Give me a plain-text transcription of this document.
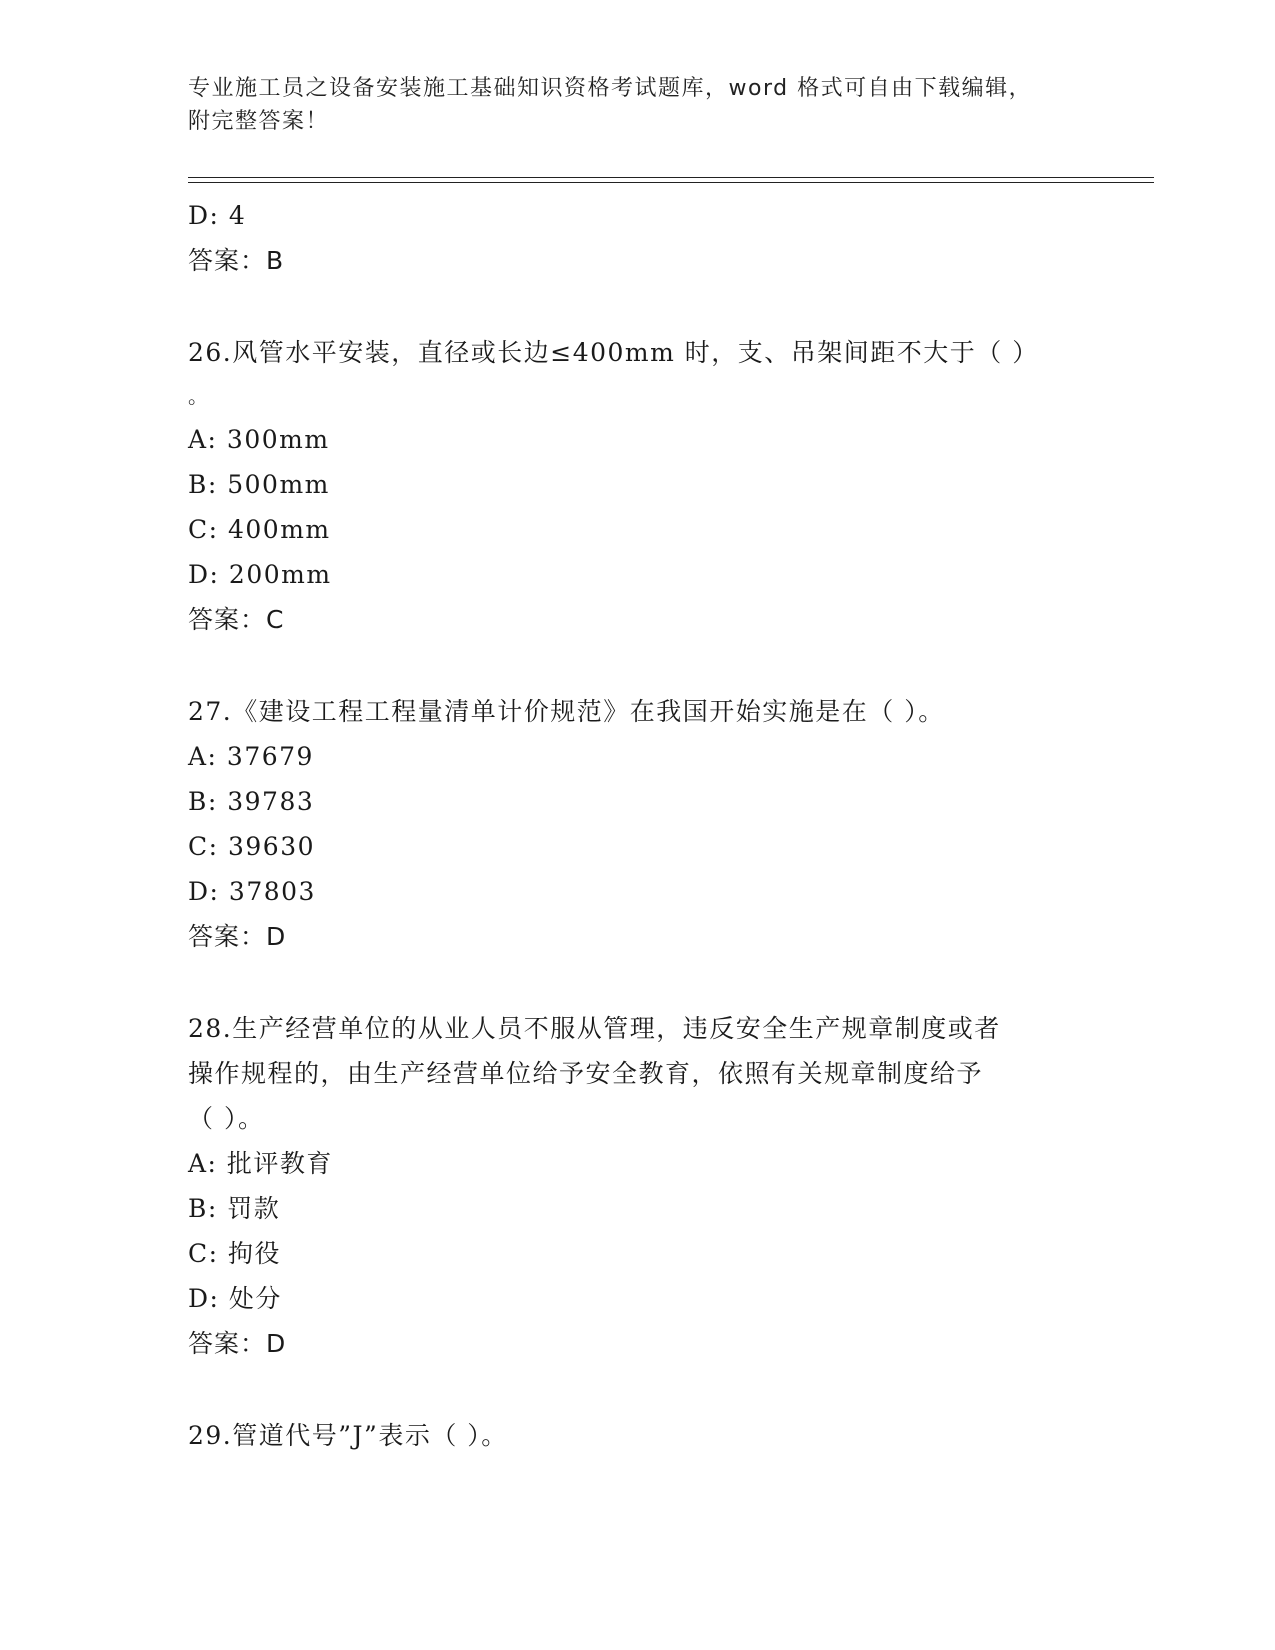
专业施工员之设备安装施工基础知识资格考试题库，word 格式可自由下载编辑，
附完整答案！
D: 4
答案：B
26.风管水平安装，直径或长边≤400mm 时，支、吊架间距不大于（ ）
。
A: 300mm
B: 500mm
C: 400mm
D: 200mm
答案：C
27.《建设工程工程量清单计价规范》在我国开始实施是在（ ）。
A: 37679
B: 39783
C: 39630
D: 37803
答案：D
28.生产经营单位的从业人员不服从管理，违反安全生产规章制度或者
操作规程的，由生产经营单位给予安全教育，依照有关规章制度给予
（ ）。
A: 批评教育
B: 罚款
C: 拘役
D: 处分
答案：D
29.管道代号”J”表示（ ）。
